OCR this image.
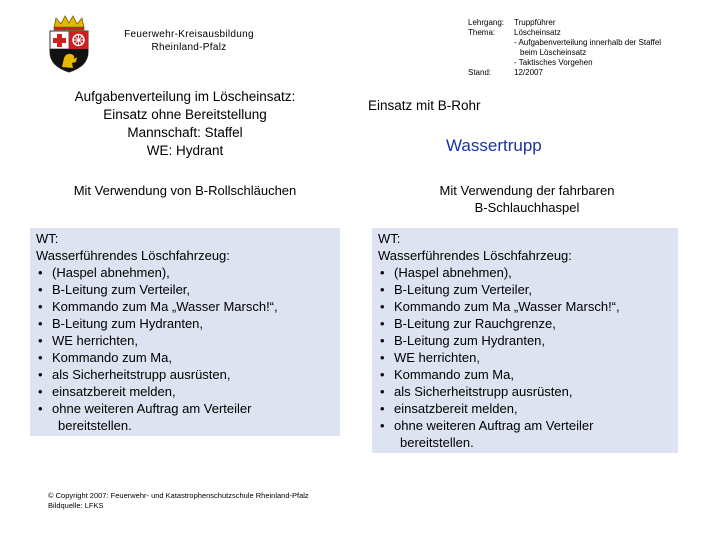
Feuerwehr-Kreisausbildung
Rheinland-Pfalz
Lehrgang:	Truppführer
Thema:	Löscheinsatz
- Aufgabenverteilung innerhalb der Staffel
beim Löscheinsatz
- Taktisches Vorgehen
Stand:	12/2007
Aufgabenverteilung im Löscheinsatz:
Einsatz ohne Bereitstellung
Mannschaft: Staffel
WE: Hydrant
Einsatz mit B-Rohr
Wassertrupp
Mit Verwendung von B-Rollschläuchen	Mit Verwendung der fahrbaren
B-Schlauchhaspel
WT:
Wasserführendes Löschfahrzeug:
• (Haspel abnehmen),
• B-Leitung zum Verteiler,
• Kommando zum Ma „Wasser Marsch!“,
• B-Leitung zum Hydranten,
• WE herrichten,
• Kommando zum Ma,
• als Sicherheitstrupp ausrüsten,
• einsatzbereit melden,
• ohne weiteren Auftrag am Verteiler
bereitstellen.
WT:
Wasserführendes Löschfahrzeug:
• (Haspel abnehmen),
• B-Leitung zum Verteiler,
• Kommando zum Ma „Wasser Marsch!“,
• B-Leitung zur Rauchgrenze,
• B-Leitung zum Hydranten,
• WE herrichten,
• Kommando zum Ma,
• als Sicherheitstrupp ausrüsten,
• einsatzbereit melden,
• ohne weiteren Auftrag am Verteiler
bereitstellen.
© Copyright 2007: Feuerwehr- und Katastrophenschutzschule Rheinland-Pfalz
Bildquelle: LFKS
